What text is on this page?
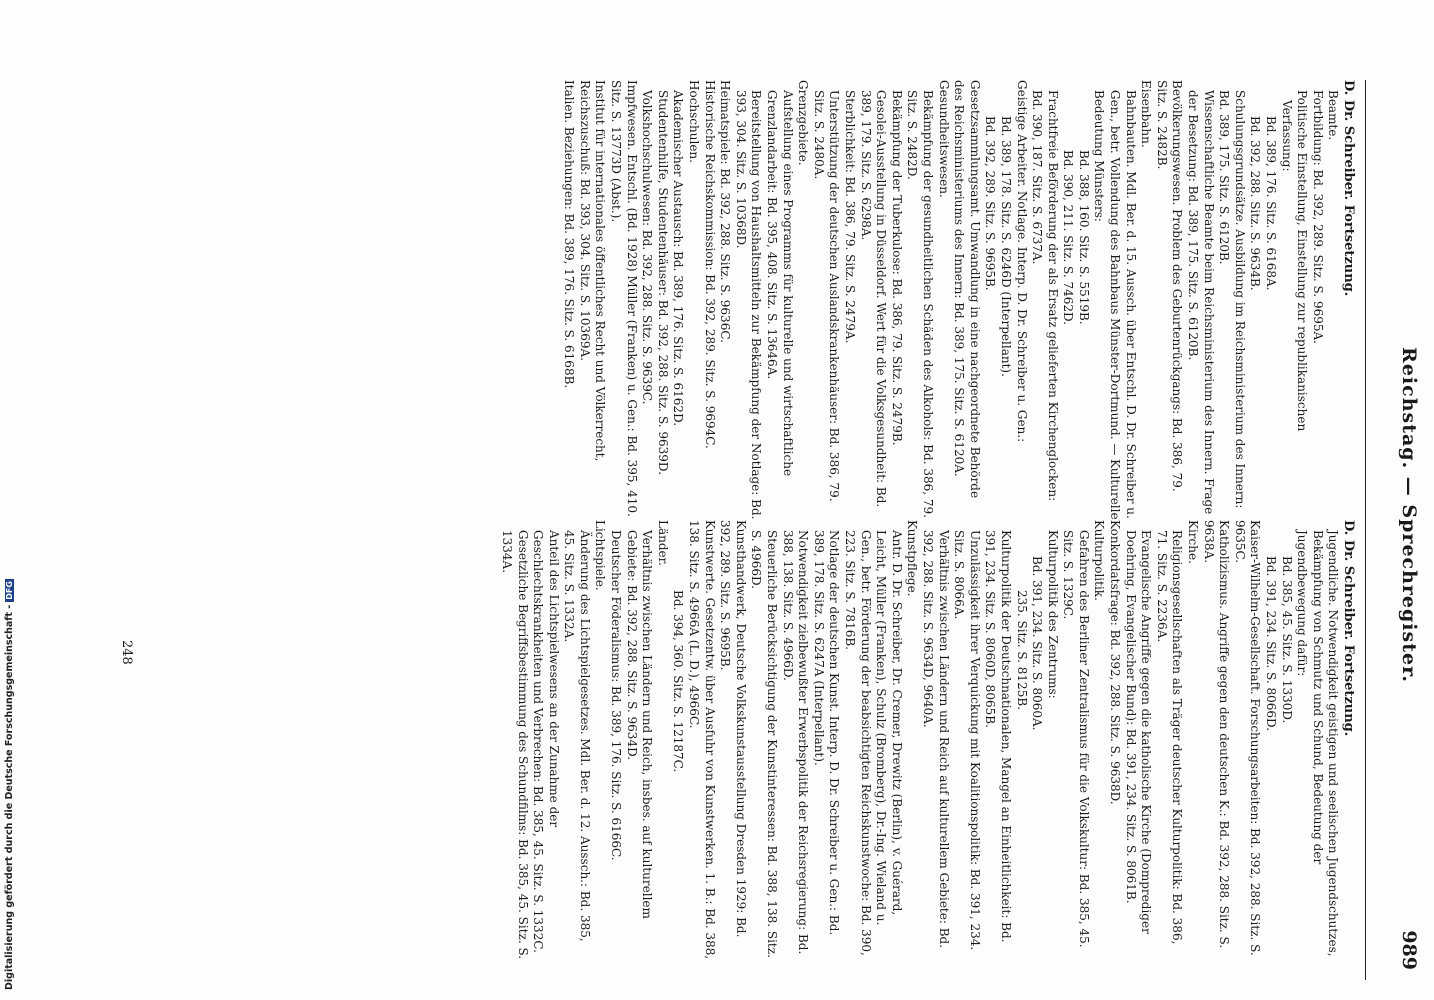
Reichstag. — Sprechregister.
989

D. Dr. Schreiber. Fortsetzung.

Beamte.

Fortbildung: Bd. 392, 289. Sitz. S. 9695A.

Politische Einstellung, Einstellung zur republikanischen

Verfassung:

Bd. 389, 176. Sitz. S. 6168A.

Bd. 392, 288. Sitz. S. 9634B.

Schulungsgrundsätze. Ausbildung im Reichsministerium des Innern: Bd. 389, 175. Sitz. S. 6120B.

Wissenschaftliche Beamte beim Reichsministerium des Innern. Frage der Besetzung: Bd. 389, 175. Sitz. S. 6120B.

Bevölkerungswesen. Problem des Geburtenrückgangs: Bd. 386, 79. Sitz. S. 2482B.

Eisenbahn.

Bahnbauten. Mdl. Ber. d. 15. Aussch. über Entschl. D. Dr. Schreiber u. Gen., betr. Vollendung des Bahnbaus Münster-Dortmund. — Kulturelle Bedeutung Münsters:

Bd. 388, 160. Sitz. S. 5519B.

Bd. 390, 211. Sitz. S. 7462D.

Frachtfreie Beförderung der als Ersatz gelieferten Kirchenglocken: Bd. 390, 187. Sitz. S. 6737A.

Geistige Arbeiter. Notlage. Interp. D. Dr. Schreiber u. Gen.:

Bd. 389, 178. Sitz. S. 6246D (Interpellant).

Bd. 392, 289. Sitz. S. 9695B.

Gesetzsammlungsamt. Umwandlung in eine nachgeordnete Behörde des Reichsministeriums des Innern: Bd. 389, 175. Sitz. S. 6120A.

Gesundheitswesen.

Bekämpfung der gesundheitlichen Schäden des Alkohols: Bd. 386, 79. Sitz. S. 2482D.

Bekämpfung der Tuberkulose: Bd. 386, 79. Sitz. S. 2479B.

Gesolei-Ausstellung in Düsseldorf. Wert für die Volksgesundheit: Bd. 389, 179. Sitz. S. 6298A.

Sterblichkeit: Bd. 386, 79. Sitz. S. 2479A.

Unterstützung der deutschen Auslandskrankenhäuser: Bd. 386, 79. Sitz. S. 2480A.

Grenzgebiete.

Aufstellung eines Programms für kulturelle und wirtschaftliche Grenzlandarbeit: Bd. 395, 408. Sitz. S. 13646A.

Bereitstellung von Haushaltsmitteln zur Bekämpfung der Notlage: Bd. 393, 304. Sitz. S. 10368D.

Heimatspiele: Bd. 392, 288. Sitz. S. 9636C.

Historische Reichskommission: Bd. 392, 289. Sitz. S. 9694C.

Hochschulen.

Akademischer Austausch: Bd. 389, 176. Sitz. S. 6162D.

Studentenhilfe, Studentenhäuser: Bd. 392, 288. Sitz. S. 9639D.

Volkshochschulwesen: Bd. 392, 288. Sitz. S. 9639C.

Impfwesen. Entschl. (Bd. 1928) Müller (Franken) u. Gen.: Bd. 395, 410. Sitz. S. 13773D (Abst.).

Institut für internationales öffentliches Recht und Völkerrecht, Reichszuschuß: Bd. 393, 304. Sitz. S. 10369A.

Italien. Beziehungen: Bd. 389, 176. Sitz. S. 6168B.

D. Dr. Schreiber. Fortsetzung.

Jugendliche. Notwendigkeit geistigen und seelischen Jugendschutzes, Bekämpfung von Schmutz und Schund, Bedeutung der Jugendbewegung dafür:

Bd. 385, 45. Sitz. S. 1330D.

Bd. 391, 234. Sitz. S. 8066D.

Kaiser-Wilhelm-Gesellschaft. Forschungsarbeiten: Bd. 392, 288. Sitz. S. 9635C.

Katholizismus. Angriffe gegen den deutschen K.: Bd. 392, 288. Sitz. S. 9638A.

Kirche.

Religionsgesellschaften als Träger deutscher Kulturpolitik: Bd. 386, 71. Sitz. S. 2236A.

Evangelische Angriffe gegen die katholische Kirche (Domprediger Doehring, Evangelischer Bund): Bd. 391, 234. Sitz. S. 8061B.

Konkordatsfrage: Bd. 392, 288. Sitz. S. 9638D.

Kulturpolitik.

Gefahren des Berliner Zentralismus für die Volkskultur: Bd. 385, 45. Sitz. S. 1329C.

Kulturpolitik des Zentrums:

Bd. 391, 234. Sitz. S. 8060A.

235. Sitz. S. 8125B.

Kulturpolitik der Deutschnationalen, Mangel an Einheitlichkeit: Bd. 391, 234. Sitz. S. 8060D, 8065B.

Unzulässigkeit ihrer Verquickung mit Koalitionspolitik: Bd. 391, 234. Sitz. S. 8066A.

Verhältnis zwischen Ländern und Reich auf kulturellem Gebiete: Bd. 392, 288. Sitz. S. 9634D, 9640A.

Kunstpflege.

Antr. D. Dr. Schreiber, Dr. Cremer, Drewitz (Berlin), v. Guérard, Leicht, Müller (Franken), Schulz (Bromberg), Dr.-Ing. Wieland u. Gen., betr. Förderung der beabsichtigten Reichskunstwoche: Bd. 390, 223. Sitz. S. 7816B.

Notlage der deutschen Kunst. Interp. D. Dr. Schreiber u. Gen.: Bd. 389, 178. Sitz. S. 6247A (Interpellant).

Notwendigkeit zielbewußter Erwerbspolitik der Reichsregierung: Bd. 388, 138. Sitz. S. 4966D.

Steuerliche Berücksichtigung der Kunstinteressen: Bd. 388, 138. Sitz. S. 4966D.

Kunsthandwerk, Deutsche Volkskunstausstellung Dresden 1929: Bd. 392, 289. Sitz. S. 9695B.

Kunstwerte. Gesetzentw. über Ausfuhr von Kunstwerken. 1. B.: Bd. 388, 138. Sitz. S. 4966A (L. D.), 4966C.

Bd. 394, 360. Sitz. S. 12187C.

Länder.

Verhältnis zwischen Ländern und Reich, insbes. auf kulturellem Gebiete: Bd. 392, 288. Sitz. S. 9634D.

Deutscher Föderalismus: Bd. 389, 176. Sitz. S. 6166C.

Lichtspiele.

Änderung des Lichtspielgesetzes. Mdl. Ber. d. 12. Aussch.: Bd. 385, 45. Sitz. S. 1332A.

Anteil des Lichtspielwesens an der Zunahme der Geschlechtskrankheiten und Verbrechen: Bd. 385, 45. Sitz. S. 1332C.

Gesetzliche Begriffsbestimmung des Schundfilms: Bd. 385, 45. Sitz. S. 1334A.

248
Digitalisierung gefördert durch die Deutsche Forschungsgemeinschaft -DFG
